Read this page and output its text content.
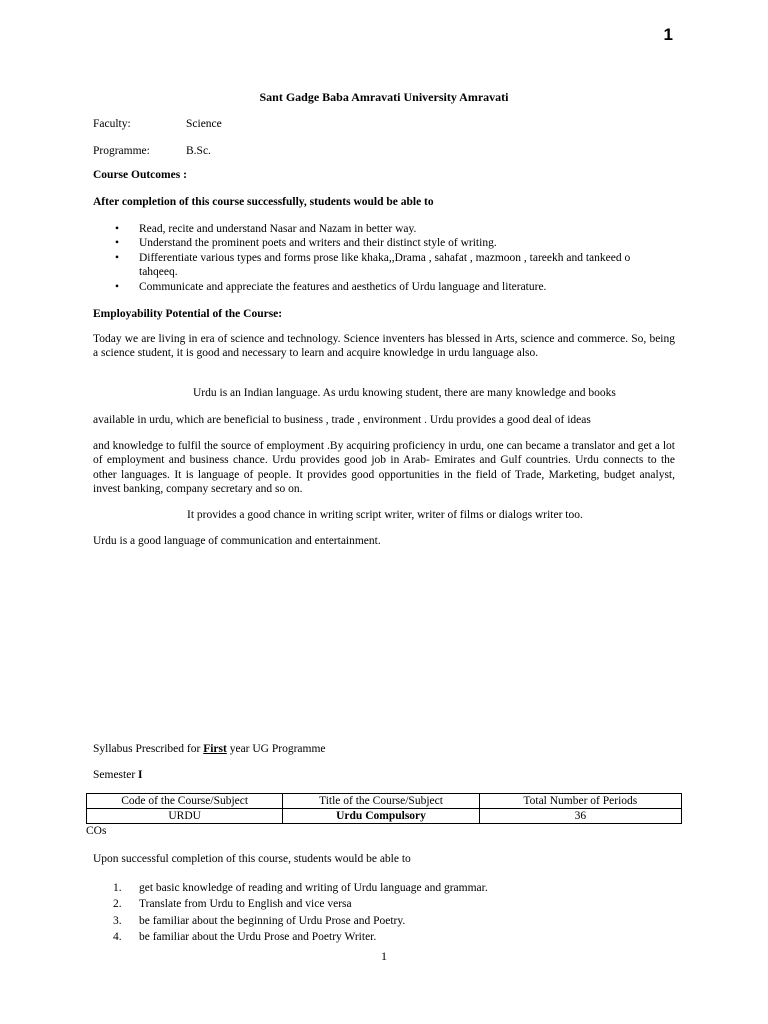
1
Sant Gadge Baba Amravati University Amravati
Faculty:	Science
Programme:	B.Sc.
Course Outcomes :
After completion of this course successfully, students would be able to
• Read, recite and understand Nasar and Nazam in better way.
• Understand the prominent poets and writers and their distinct style of writing.
• Differentiate various types and forms prose like khaka,,Drama , sahafat , mazmoon , tareekh and tankeed o tahqeeq.
• Communicate and appreciate the features and aesthetics of Urdu language and literature.
Employability Potential of the Course:

Today we are living in era of science and technology. Science inventers has blessed in Arts, science and commerce. So, being a science student, it is good and necessary to learn and acquire knowledge in urdu language also.

Urdu is an Indian language. As urdu knowing student, there are many knowledge and books
available in urdu, which are beneficial to business , trade , environment . Urdu provides a good deal of ideas

and knowledge to fulfil the source of employment .By acquiring proficiency in urdu, one can became a translator and get a lot of employment and business chance. Urdu provides good job in Arab- Emirates and Gulf countries. Urdu connects to the other languages. It is language of people. It provides good opportunities in the field of Trade, Marketing, budget analyst, invest banking, company secretary and so on.

It provides a good chance in writing script writer, writer of films or dialogs writer too.
Urdu is a good language of communication and entertainment.
Syllabus Prescribed for First year UG Programme
Semester I
Code of the Course/Subject	Title of the Course/Subject	Total Number of Periods
URDU	Urdu Compulsory	36
COs
Upon successful completion of this course, students would be able to
1. get basic knowledge of reading and writing of Urdu language and grammar.
2. Translate from Urdu to English and vice versa
3. be familiar about the beginning of Urdu Prose and Poetry.
4. be familiar about the Urdu Prose and Poetry Writer.
1
